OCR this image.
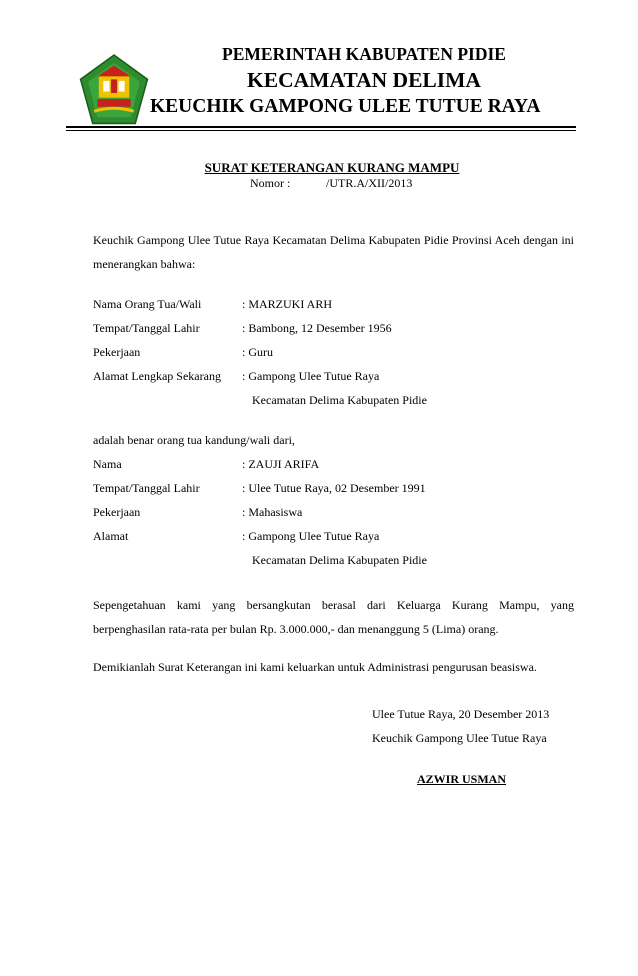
PEMERINTAH KABUPATEN PIDIE
KECAMATAN DELIMA
KEUCHIK GAMPONG ULEE TUTUE RAYA
SURAT KETERANGAN KURANG MAMPU
Nomor :	/UTR.A/XII/2013
Keuchik Gampong Ulee Tutue Raya Kecamatan Delima Kabupaten Pidie Provinsi Aceh dengan ini menerangkan bahwa:
Nama Orang Tua/Wali	: MARZUKI ARH
Tempat/Tanggal Lahir	: Bambong, 12 Desember 1956
Pekerjaan	: Guru
Alamat Lengkap Sekarang : Gampong Ulee Tutue Raya
Kecamatan Delima Kabupaten Pidie
adalah benar orang tua kandung/wali dari,
Nama	: ZAUJI ARIFA
Tempat/Tanggal Lahir	: Ulee Tutue Raya, 02 Desember 1991
Pekerjaan	: Mahasiswa
Alamat	: Gampong Ulee Tutue Raya
Kecamatan Delima Kabupaten Pidie
Sepengetahuan kami yang bersangkutan berasal dari Keluarga Kurang Mampu, yang berpenghasilan rata-rata per bulan Rp. 3.000.000,- dan menanggung 5 (Lima) orang.
Demikianlah Surat Keterangan ini kami keluarkan untuk Administrasi pengurusan beasiswa.
Ulee Tutue Raya, 20 Desember 2013
Keuchik Gampong Ulee Tutue Raya
AZWIR USMAN
